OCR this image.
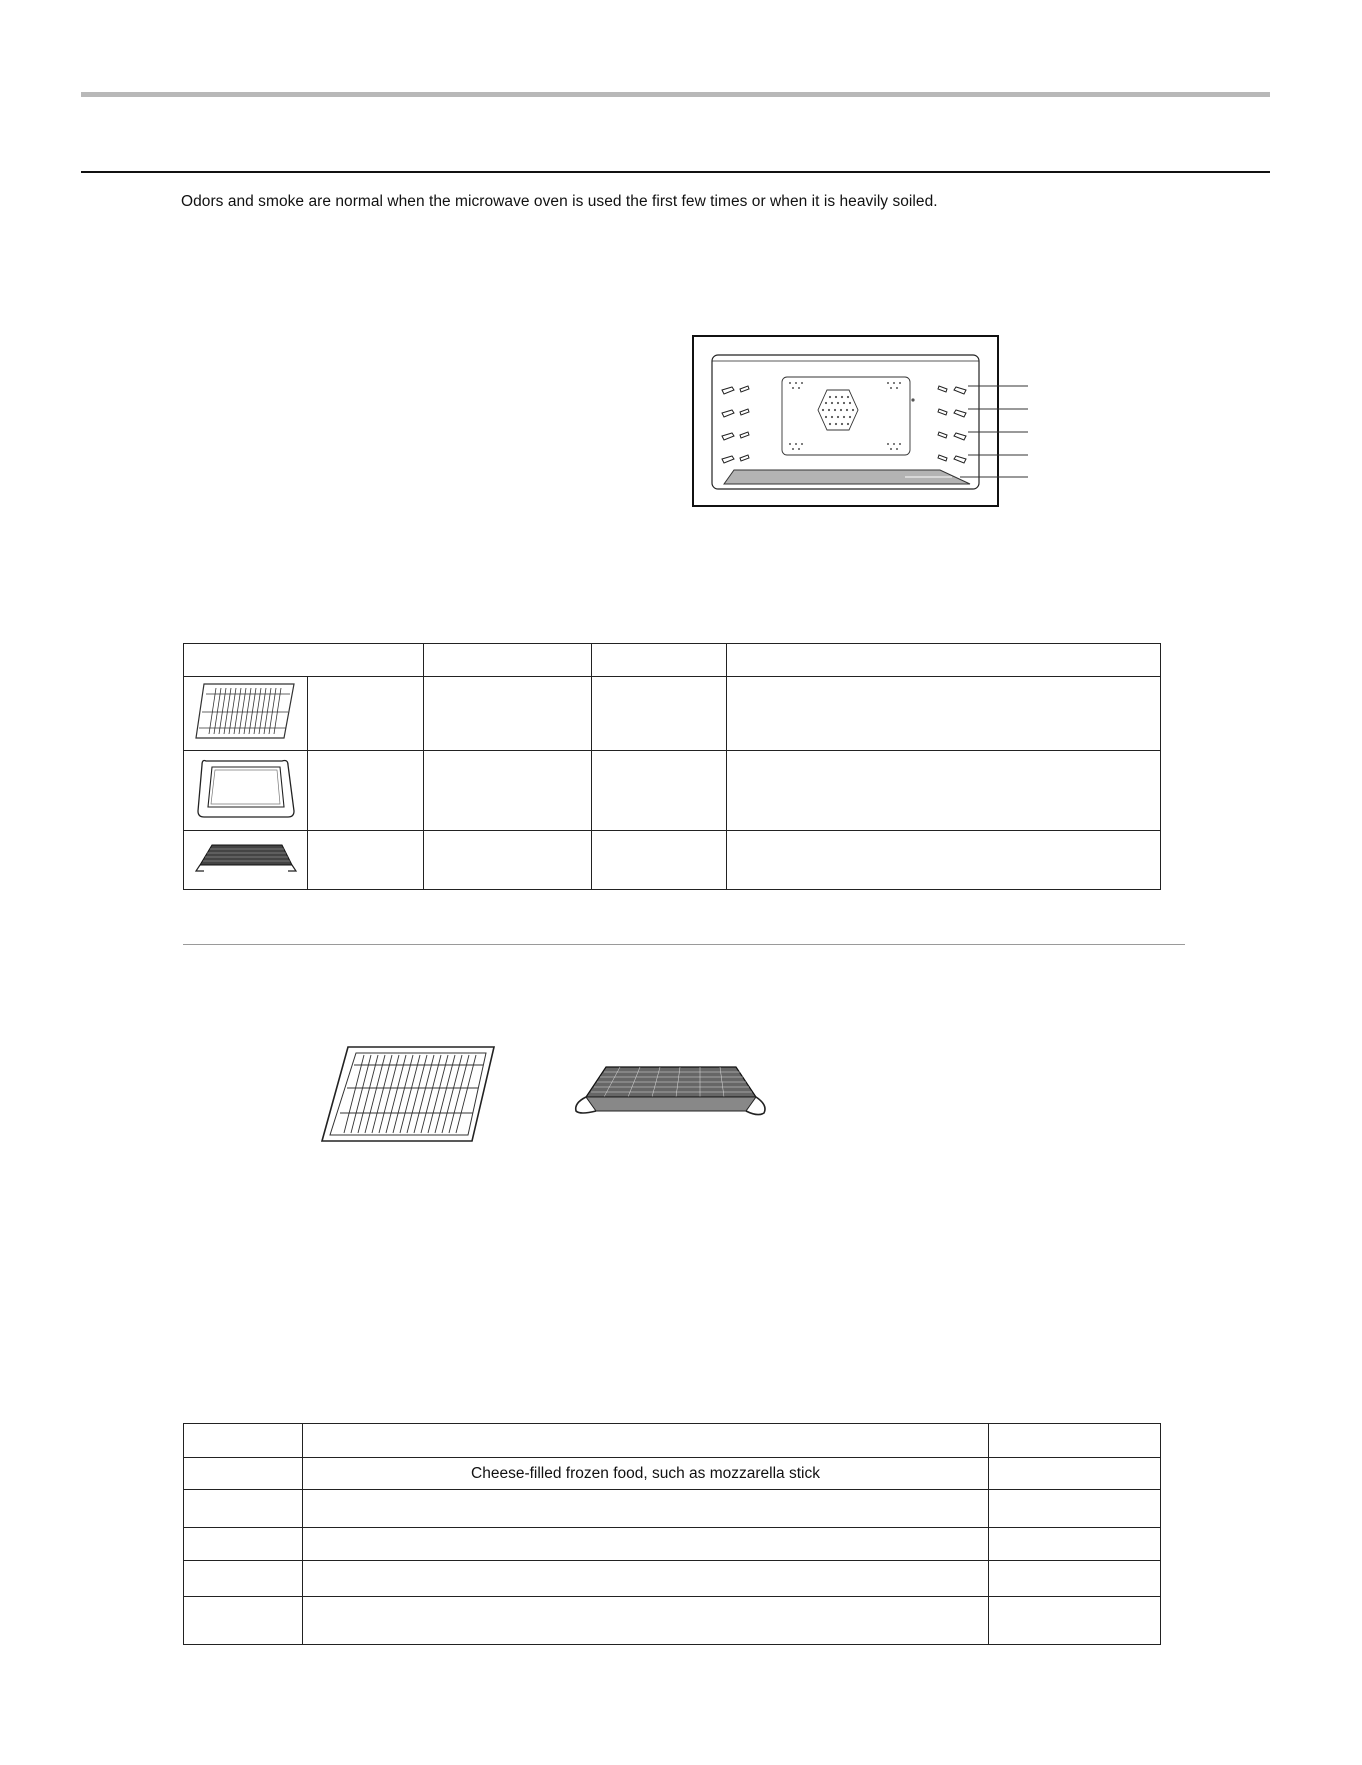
Odors and smoke are normal when the microwave oven is used the first few times or when it is heavily soiled.

	Cheese-filled frozen food, such as mozzarella stick	
